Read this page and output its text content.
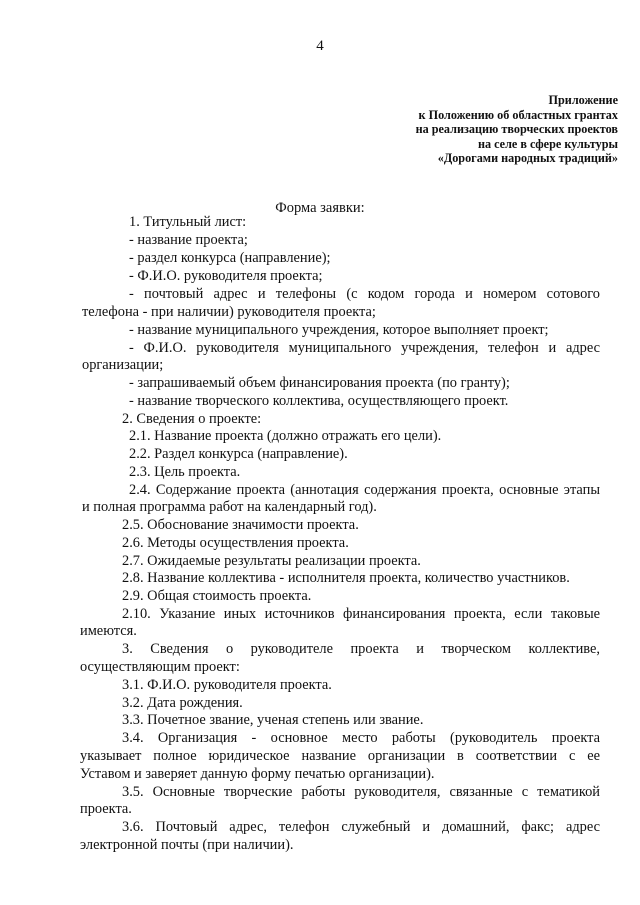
4
Приложение
к Положению об областных грантах
на реализацию творческих проектов
на селе в сфере культуры
«Дорогами народных традиций»
Форма заявки:
1. Титульный лист:
- название проекта;
- раздел конкурса (направление);
- Ф.И.О. руководителя проекта;
- почтовый адрес и телефоны (с кодом города и номером сотового
телефона - при наличии) руководителя проекта;
- название муниципального учреждения, которое выполняет проект;
- Ф.И.О. руководителя муниципального учреждения, телефон и адрес
организации;
- запрашиваемый объем финансирования проекта (по гранту);
- название творческого коллектива, осуществляющего проект.
2. Сведения о проекте:
2.1. Название проекта (должно отражать его цели).
2.2. Раздел конкурса (направление).
2.3. Цель проекта.
2.4. Содержание проекта (аннотация содержания проекта, основные этапы
и полная программа работ на календарный год).
2.5. Обоснование значимости проекта.
2.6. Методы осуществления проекта.
2.7. Ожидаемые результаты реализации проекта.
2.8. Название коллектива - исполнителя проекта, количество участников.
2.9. Общая стоимость проекта.
2.10. Указание иных источников финансирования проекта, если таковые
имеются.
3. Сведения о руководителе проекта и творческом коллективе,
осуществляющим проект:
3.1. Ф.И.О. руководителя проекта.
3.2. Дата рождения.
3.3. Почетное звание, ученая степень или звание.
3.4. Организация - основное место работы (руководитель проекта
указывает полное юридическое название организации в соответствии с ее
Уставом и заверяет данную форму печатью организации).
3.5. Основные творческие работы руководителя, связанные с тематикой
проекта.
3.6. Почтовый адрес, телефон служебный и домашний, факс; адрес
электронной почты (при наличии).
